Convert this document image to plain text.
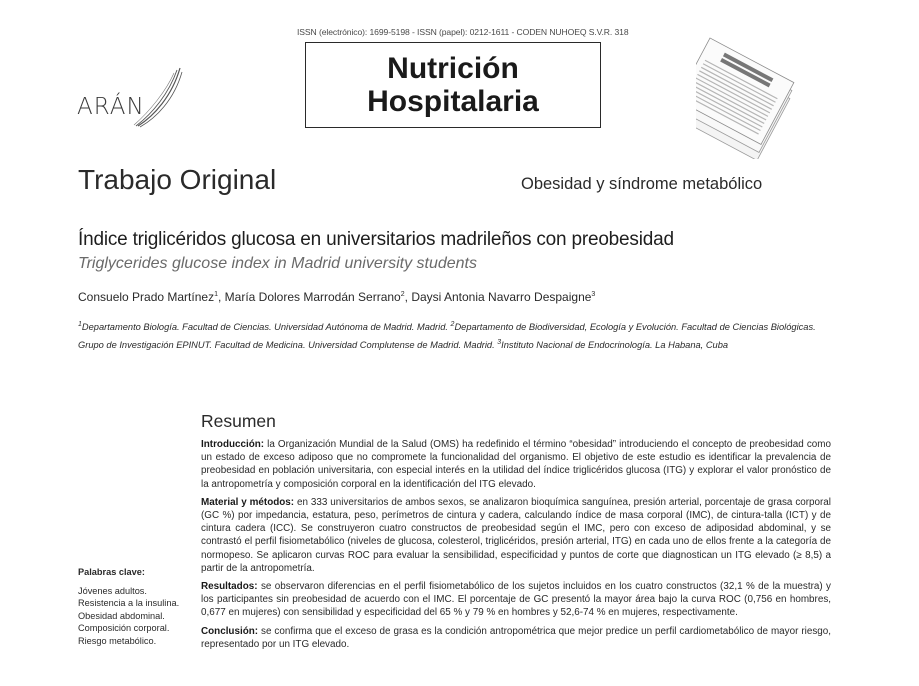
ISSN (electrónico): 1699-5198 - ISSN (papel): 0212-1611 - CODEN NUHOEQ S.V.R. 318
Nutrición
Hospitalaria
ARÁN
Trabajo Original	Obesidad y síndrome metabólico
Índice triglicéridos glucosa en universitarios madrileños con preobesidad
Triglycerides glucose index in Madrid university students
Consuelo Prado Martínez$^1$, María Dolores Marrodán Serrano$^2$, Daysi Antonia Navarro Despaigne$^3$
$^1$Departamento Biología. Facultad de Ciencias. Universidad Autónoma de Madrid. Madrid. $^2$Departamento de Biodiversidad, Ecología y Evolución. Facultad de Ciencias Biológicas. Grupo de Investigación EPINUT. Facultad de Medicina. Universidad Complutense de Madrid. Madrid. $^3$Instituto Nacional de Endocrinología. La Habana, Cuba
Resumen

Introducción: la Organización Mundial de la Salud (OMS) ha redefinido el término “obesidad” introduciendo el concepto de preobesidad como un estado de exceso adiposo que no compromete la funcionalidad del organismo. El objetivo de este estudio es identificar la prevalencia de preobesidad en población universitaria, con especial interés en la utilidad del índice triglicéridos glucosa (ITG) y explorar el valor pronóstico de la antropometría y composición corporal en la identificación del ITG elevado.

Material y métodos: en 333 universitarios de ambos sexos, se analizaron bioquímica sanguínea, presión arterial, porcentaje de grasa corporal (GC %) por impedancia, estatura, peso, perímetros de cintura y cadera, calculando índice de masa corporal (IMC), de cintura-talla (ICT) y de cintura cadera (ICC). Se construyeron cuatro constructos de preobesidad según el IMC, pero con exceso de adiposidad abdominal, y se contrastó el perfil fisiometabólico (niveles de glucosa, colesterol, triglicéridos, presión arterial, ITG) en cada uno de ellos frente a la categoría de normopeso. Se aplicaron curvas ROC para evaluar la sensibilidad, especificidad y puntos de corte que diagnostican un ITG elevado (≥ 8,5) a partir de la antropometría.

Resultados: se observaron diferencias en el perfil fisiometabólico de los sujetos incluidos en los cuatro constructos (32,1 % de la muestra) y los participantes sin preobesidad de acuerdo con el IMC. El porcentaje de GC presentó la mayor área bajo la curva ROC (0,756 en hombres, 0,677 en mujeres) con sensibilidad y especificidad del 65 % y 79 % en hombres y 52,6-74 % en mujeres, respectivamente.

Conclusión: se confirma que el exceso de grasa es la condición antropométrica que mejor predice un perfil cardiometabólico de mayor riesgo, representado por un ITG elevado.

Palabras clave:
Jóvenes adultos.
Resistencia a la insulina.
Obesidad abdominal.
Composición corporal.
Riesgo metabólico.
